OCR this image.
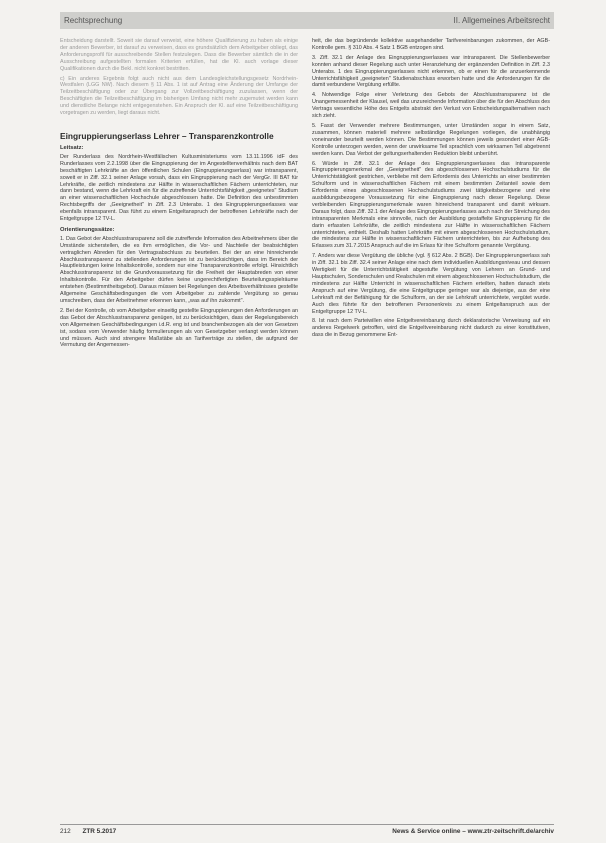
Rechtsprechung	II. Allgemeines Arbeitsrecht

Entscheidung darstellt. Soweit sie darauf verweist, eine höhere Qualifizierung zu haben als einige der anderen Bewerber, ist darauf zu verweisen, dass es grundsätzlich dem Arbeitgeber obliegt, das Anforderungsprofil für ausschreibende Stellen festzulegen. Dass die Bewerber sämtlich die in der Ausschreibung aufgestellten formalen Kriterien erfüllen, hat die Kl. auch vorlage dieser Qualifikationen durch die Bekl. nicht konkret bestritten.

c) Ein anderes Ergebnis folgt auch nicht aus dem Landesgleichstellungsgesetz Nordrhein-Westfalen (LGG NW). Nach diesem § 11 Abs. 1 ist auf Antrag eine Änderung der Umfange der Teilzeitbeschäftigung oder zur Übergang zur Vollzeitbeschäftigung zuzulassen, wenn der Beschäftigten die Teilzeitbeschäftigung im bisherigen Umfang nicht mehr zugemutet werden kann und dienstliche Belange nicht entgegenstehen. Ein Anspruch der Kl. auf eine Teilzeitbeschäftigung vorgetragen zu werden, liegt daraus nicht.

Eingruppierungserlass Lehrer – Transparenzkontrolle
Leitsatz:

Der Runderlass des Nordrhein-Westfälischen Kultusministeriums vom 13.11.1996 idF des Runderlasses vom 2.2.1998 über die Eingruppierung der im Angestelltenverhältnis nach dem BAT beschäftigten Lehrkräfte an den öffentlichen Schulen (Eingruppierungserlass) war intransparent, soweit er in Ziff. 32.1 seiner Anlage vorsah, dass ein Eingruppierung nach der VergGr. III BAT für Lehrkräfte, die zeitlich mindestens zur Hälfte in wissenschaftlichen Fächern unterrichteten, nur dann bestand, wenn die Lehrkraft ein für die zutreffende Unterrichtsfähigkeit „geeignetes" Studium an einer wissenschaftlichen Hochschule abgeschlossen hatte. Die Definition des unbestimmten Rechtsbegriffs der „Geeignetheit" in Ziff. 2.3 Unterabs. 1 des Eingruppierungserlasses war ebenfalls intransparent. Das führt zu einem Entgeltanspruch der betroffenen Lehrkräfte nach der Entgeltgruppe 12 TV-L.

Orientierungssätze:

1. Das Gebot der Abschlusstransparenz soll die zutreffende Information des Arbeitnehmers über die Umstände sicherstellen, die es ihm ermöglichen, die Vor- und Nachteile der beabsichtigten vertraglichen Abreden für den Vertragsabschluss zu beurteilen. Bei der an eine hinreichende Abschlusstransparenz zu stellenden Anforderungen ist zu berücksichtigen, dass im Bereich der Hauptleistungen keine Inhaltskontrolle, sondern nur eine Transparenzkontrolle erfolgt. Hinsichtlich Abschlusstransparenz ist die Grundvoraussetzung für die Freiheit der Hauptabreden von einer Inhaltskontrolle. Für den Arbeitgeber dürfen keine ungerechtfertigten Beurteilungsspielräume entstehen (Bestimmtheitsgebot). Daraus müssen bei Regelungen des Arbeitsverhältnisses gestellte Allgemeine Geschäftsbedingungen die vom Arbeitgeber zu zahlende Vergütung so genau umschreiben, dass der Arbeitnehmer erkennen kann, „was auf ihn zukommt".

2. Bei der Kontrolle, ob vom Arbeitgeber einseitig gestellte Eingruppierungen den Anforderungen an das Gebot der Abschlusstransparenz genügen, ist zu berücksichtigen, dass der Regelungsbereich von Allgemeinen Geschäftsbedingungen i.d.R. eng ist und branchenbezogen als der von Gesetzen ist, sodass vom Verwender häufig formulierungen als von Gesetzgeber verlangt werden können und müssen. Auch sind strengere Maßstäbe als an Tarifverträge zu stellen, die aufgrund der Vermutung der Angemessen-

heit, die das begründende kollektive ausgehandelter Tarifvereinbarungen zukommen, der AGB-Kontrolle gem. § 310 Abs. 4 Satz 1 BGB entzogen sind.

3. Ziff. 32.1 der Anlage des Eingruppierungserlasses war intransparent. Die Stellenbewerber konnten anhand dieser Regelung auch unter Heranziehung der ergänzenden Definition in Ziff. 2.3 Unterabs. 1 des Eingruppierungserlasses nicht erkennen, ob er einen für die anzuerkennende Unterrichtsfähigkeit „geeigneten" Studienabschluss erworben hatte und die Anforderungen für die damit verbundene Vergütung erfüllte.

4. Notwendige Folge einer Verletzung des Gebots der Abschlusstransparenz ist die Unangemessenheit der Klausel, weil das unzureichende Information über die für den Abschluss des Vertrags wesentliche Höhe des Entgelts abstrakt den Verlust von Entscheidungsalternativen nach sich zieht.

5. Fasst der Verwender mehrere Bestimmungen, unter Umständen sogar in einem Satz, zusammen, können materiell mehrere selbständige Regelungen vorliegen, die unabhängig voneinander beurteilt werden können. Die Bestimmungen können jeweils gesondert einer AGB-Kontrolle unterzogen werden, wenn der unwirksame Teil sprachlich vom wirksamen Teil abgetrennt werden kann. Das Verbot der geltungserhaltenden Reduktion bleibt unberührt.

6. Würde in Ziff. 32.1 der Anlage des Eingruppierungserlasses das intransparente Eingruppierungsmerkmal der „Geeignetheit" des abgeschlossenen Hochschulstudiums für die Unterrichtstätigkeit gestrichen, verbliebe mit dem Erfordernis des Unterrichts an einer bestimmten Schulform und in wissenschaftlichen Fächern mit einem bestimmten Zeitanteil sowie dem Erfordernis eines abgeschlossenen Hochschulstudiums zwei tätigkeitsbezogene und eine ausbildungsbezogene Voraussetzung für eine Eingruppierung nach dieser Regelung. Diese verbleibenden Eingruppierungsmerkmale waren hinreichend transparent und damit wirksam. Daraus folgt, dass Ziff. 32.1 der Anlage des Eingruppierungserlasses auch nach der Streichung des intransparenten Merkmals eine sinnvolle, nach der Ausbildung gestaffelte Eingruppierung für die darin erfassten Lehrkräfte, die zeitlich mindestens zur Hälfte in wissenschaftlichen Fächern unterrichteten, enthielt. Deshalb hatten Lehrkräfte mit einem abgeschlossenen Hochschulstudium, die mindestens zur Hälfte in wissenschaftlichen Fächern unterrichteten, bis zur Aufhebung des Erlasses zum 31.7.2015 Anspruch auf die im Erlass für ihre Schulform genannte Vergütung.

7. Anders war diese Vergütung die übliche (vgl. § 612 Abs. 2 BGB). Der Eingruppierungserlass sah in Ziff. 32.1 bis Ziff. 32.4 seiner Anlage eine nach dem individuellen Ausbildungsniveau und dessen Wertigkeit für die Unterrichtstätigkeit abgestufte Vergütung von Lehrern an Grund- und Hauptschulen, Sonderschulen und Realschulen mit einem abgeschlossenen Hochschulstudium, die mindestens zur Hälfte Unterricht in wissenschaftlichen Fächern erteilten, hatten danach stets Anspruch auf eine Vergütung, die eine Entgeltgruppe geringer war als diejenige, aus der eine Lehrkraft mit der Befähigung für die Schulform, an der sie Lehrkraft unterrichtete, vergütet wurde. Auch dies führte für den betroffenen Personenkreis zu einem Entgeltanspruch aus der Entgeltgruppe 12 TV-L.

8. Ist nach dem Parteiwillen eine Entgeltvereinbarung durch deklaratorische Verweisung auf ein anderes Regelwerk getroffen, wird die Entgeltvereinbarung nicht dadurch zu einer konstitutiven, dass die in Bezug genommene Ent-

212 ZTR 5.2017	News & Service online – www.ztr-zeitschrift.de/archiv
